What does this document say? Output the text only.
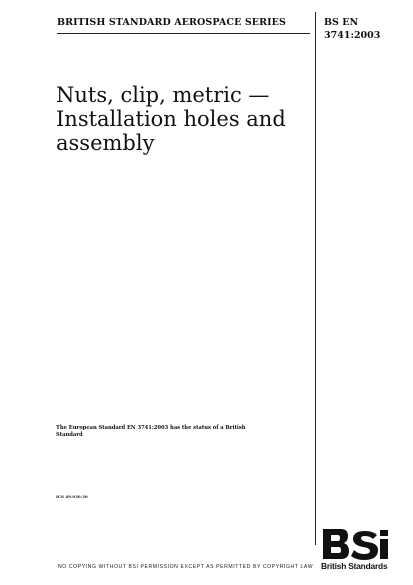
BRITISH STANDARD AEROSPACE SERIES	BS EN
3741:2003
Nuts, clip, metric —
Installation holes and
assembly
The European Standard EN 3741:2003 has the status of a British Standard
ICS 49.030.30
NO COPYING WITHOUT BSI PERMISSION EXCEPT AS PERMITTED BY COPYRIGHT LAW British Standards
